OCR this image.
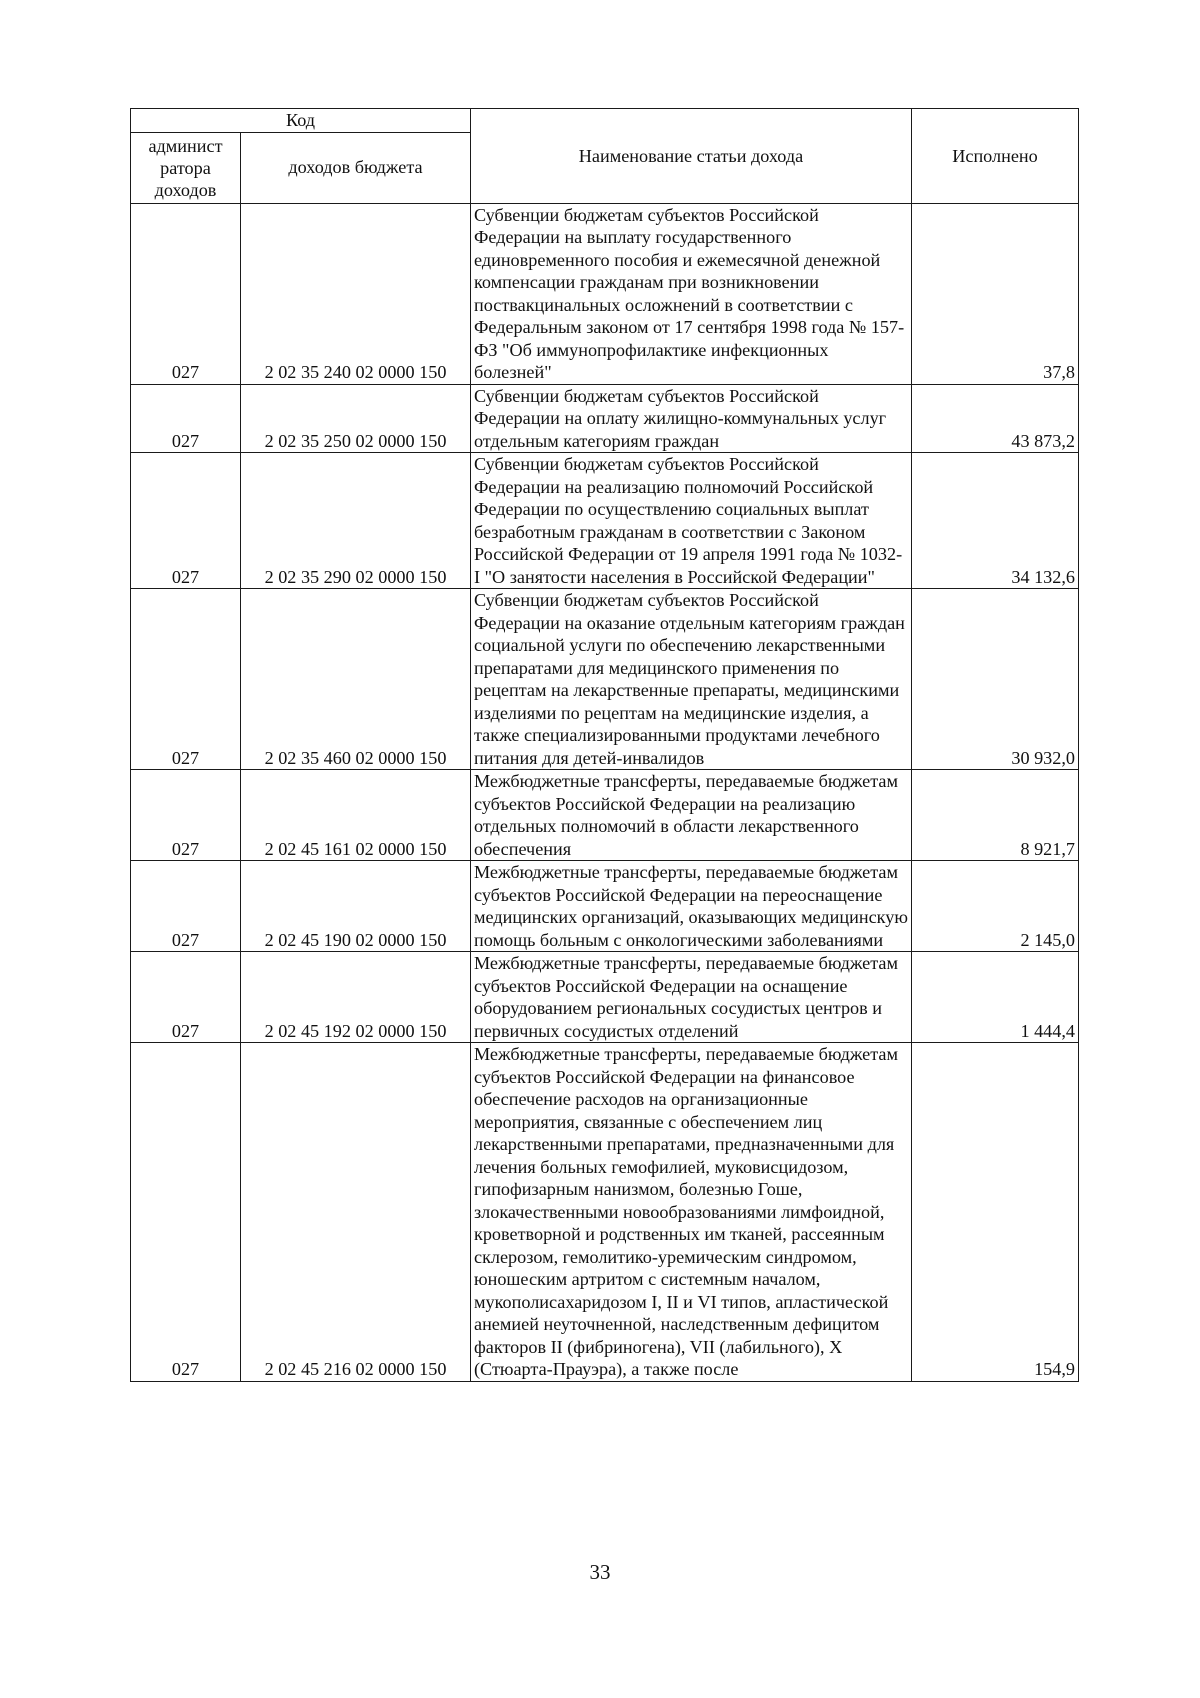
Код		Наименование статьи дохода	Исполнено
админист ратора доходов	доходов бюджета		
027	2 02 35 240 02 0000 150	Субвенции бюджетам субъектов Российской Федерации на выплату государственного единовременного пособия и ежемесячной денежной компенсации гражданам при возникновении поствакцинальных осложнений в соответствии с Федеральным законом от 17 сентября 1998 года № 157-ФЗ "Об иммунопрофилактике инфекционных болезней"	37,8
027	2 02 35 250 02 0000 150	Субвенции бюджетам субъектов Российской Федерации на оплату жилищно-коммунальных услуг отдельным категориям граждан	43 873,2
027	2 02 35 290 02 0000 150	Субвенции бюджетам субъектов Российской Федерации на реализацию полномочий Российской Федерации по осуществлению социальных выплат безработным гражданам в соответствии с Законом Российской Федерации от 19 апреля 1991 года № 1032-I "О занятости населения в Российской Федерации"	34 132,6
027	2 02 35 460 02 0000 150	Субвенции бюджетам субъектов Российской Федерации на оказание отдельным категориям граждан социальной услуги по обеспечению лекарственными препаратами для медицинского применения по рецептам на лекарственные препараты, медицинскими изделиями по рецептам на медицинские изделия, а также специализированными продуктами лечебного питания для детей-инвалидов	30 932,0
027	2 02 45 161 02 0000 150	Межбюджетные трансферты, передаваемые бюджетам субъектов Российской Федерации на реализацию отдельных полномочий в области лекарственного обеспечения	8 921,7
027	2 02 45 190 02 0000 150	Межбюджетные трансферты, передаваемые бюджетам субъектов Российской Федерации на переоснащение медицинских организаций, оказывающих медицинскую помощь больным с онкологическими заболеваниями	2 145,0
027	2 02 45 192 02 0000 150	Межбюджетные трансферты, передаваемые бюджетам субъектов Российской Федерации на оснащение оборудованием региональных сосудистых центров и первичных сосудистых отделений	1 444,4
027	2 02 45 216 02 0000 150	Межбюджетные трансферты, передаваемые бюджетам субъектов Российской Федерации на финансовое обеспечение расходов на организационные мероприятия, связанные с обеспечением лиц лекарственными препаратами, предназначенными для лечения больных гемофилией, муковисцидозом, гипофизарным нанизмом, болезнью Гоше, злокачественными новообразованиями лимфоидной, кроветворной и родственных им тканей, рассеянным склерозом, гемолитико-уремическим синдромом, юношеским артритом с системным началом, мукополисахаридозом I, II и VI типов, апластической анемией неуточненной, наследственным дефицитом факторов II (фибриногена), VII (лабильного), X (Стюарта-Прауэра), а также после	154,9
33
